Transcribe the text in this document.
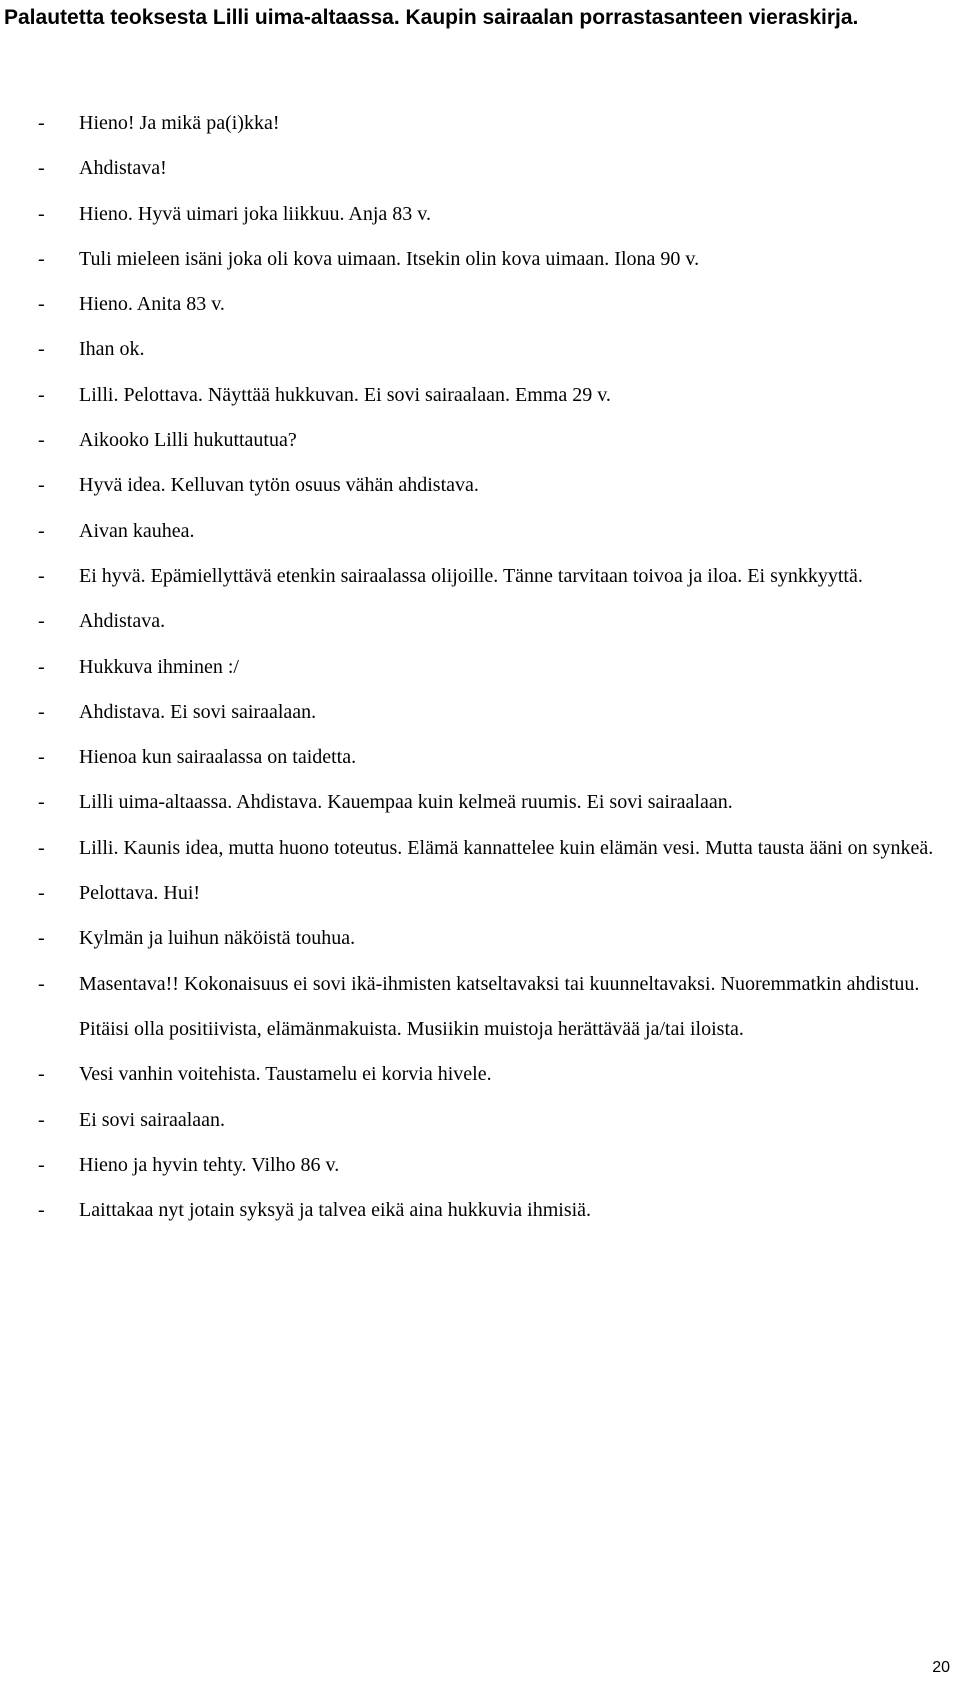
Palautetta teoksesta Lilli uima-altaassa. Kaupin sairaalan porrastasanteen vieraskirja.
- Hieno! Ja mikä pa(i)kka!
- Ahdistava!
- Hieno. Hyvä uimari joka liikkuu. Anja 83 v.
- Tuli mieleen isäni joka oli kova uimaan. Itsekin olin kova uimaan. Ilona 90 v.
- Hieno. Anita 83 v.
- Ihan ok.
- Lilli. Pelottava. Näyttää hukkuvan. Ei sovi sairaalaan. Emma 29 v.
- Aikooko Lilli hukuttautua?
- Hyvä idea. Kelluvan tytön osuus vähän ahdistava.
- Aivan kauhea.
- Ei hyvä. Epämiellyttävä etenkin sairaalassa olijoille. Tänne tarvitaan toivoa ja iloa. Ei synkkyyttä.
- Ahdistava.
- Hukkuva ihminen :/
- Ahdistava. Ei sovi sairaalaan.
- Hienoa kun sairaalassa on taidetta.
- Lilli uima-altaassa. Ahdistava. Kauempaa kuin kelmeä ruumis. Ei sovi sairaalaan.
- Lilli. Kaunis idea, mutta huono toteutus. Elämä kannattelee kuin elämän vesi. Mutta tausta ääni on synkeä.
- Pelottava. Hui!
- Kylmän ja luihun näköistä touhua.
- Masentava!! Kokonaisuus ei sovi ikä-ihmisten katseltavaksi tai kuunneltavaksi. Nuoremmatkin ahdistuu. Pitäisi olla positiivista, elämänmakuista. Musiikin muistoja herättävää ja/tai iloista.
- Vesi vanhin voitehista. Taustamelu ei korvia hivele.
- Ei sovi sairaalaan.
- Hieno ja hyvin tehty. Vilho 86 v.
- Laittakaa nyt jotain syksyä ja talvea eikä aina hukkuvia ihmisiä.
20
